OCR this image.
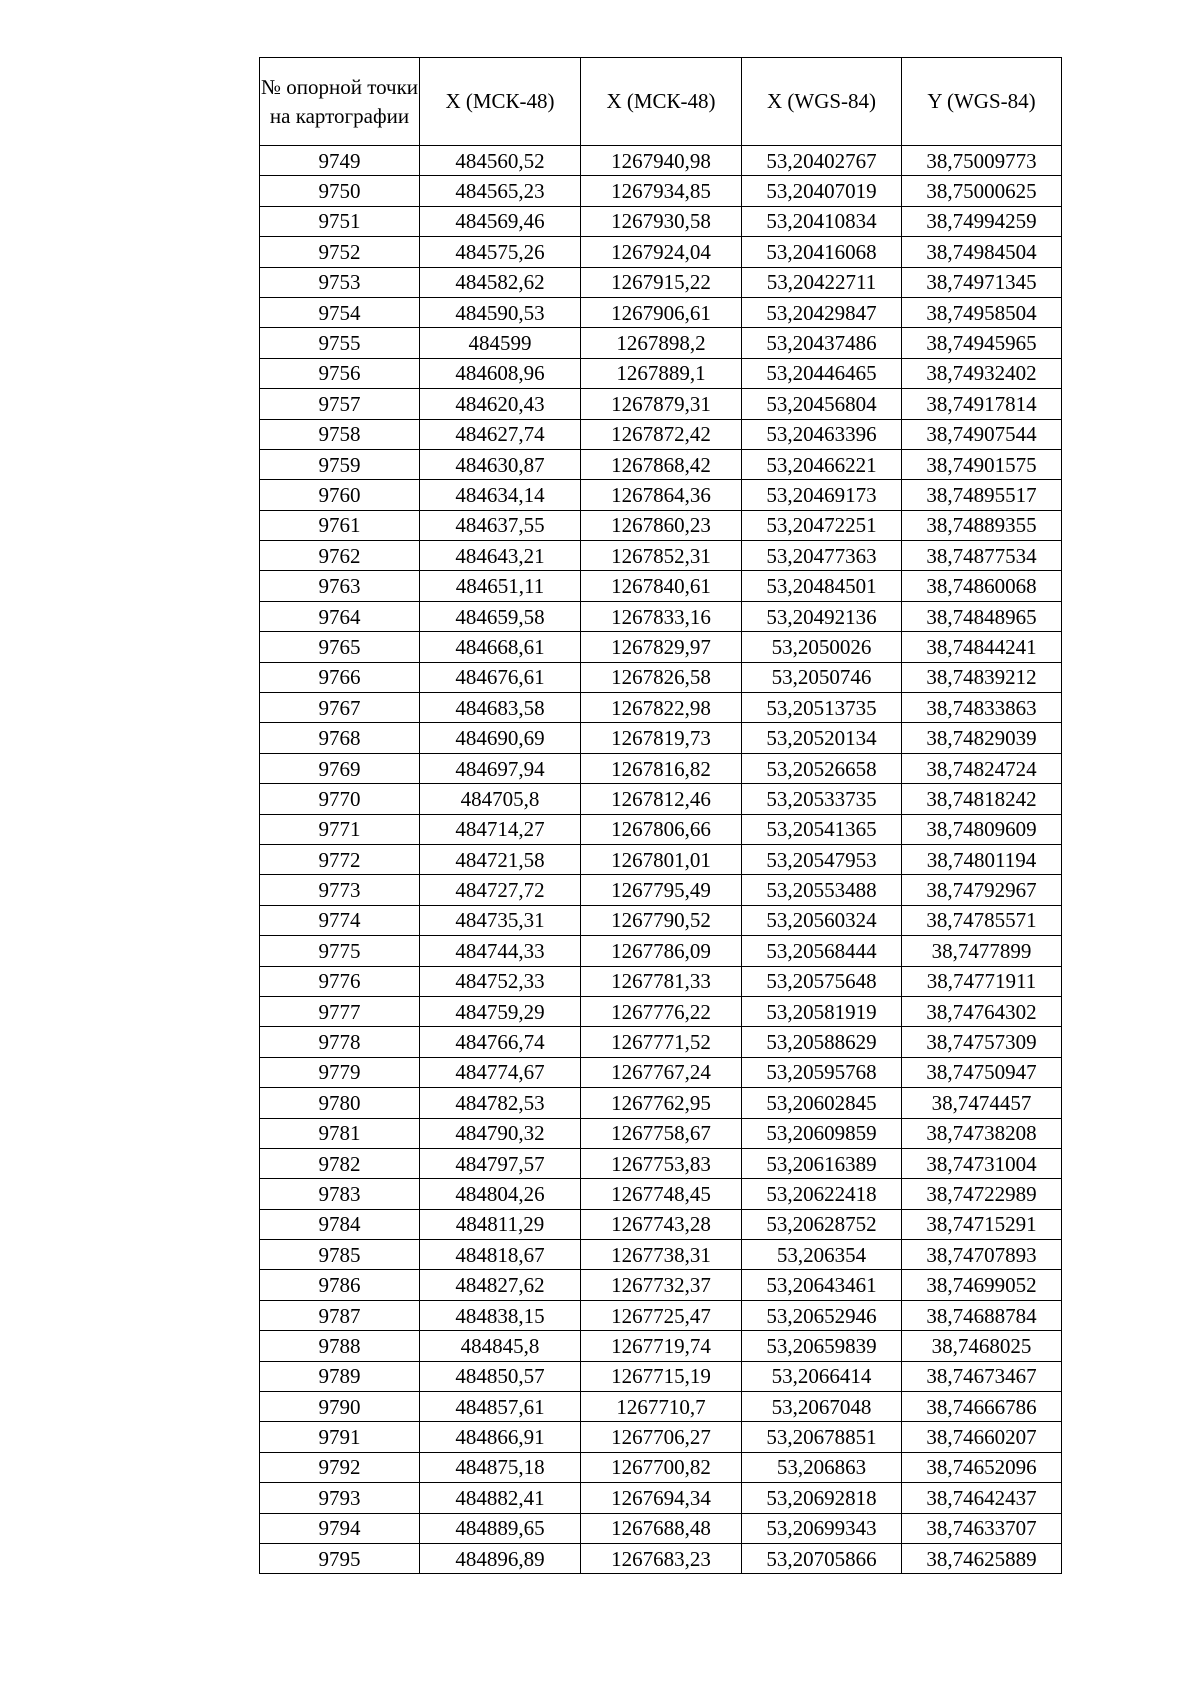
№ опорной точки на картографии	X (МСК-48)	X (МСК-48)	X (WGS-84)	Y (WGS-84)
9749	484560,52	1267940,98	53,20402767	38,75009773
9750	484565,23	1267934,85	53,20407019	38,75000625
9751	484569,46	1267930,58	53,20410834	38,74994259
9752	484575,26	1267924,04	53,20416068	38,74984504
9753	484582,62	1267915,22	53,20422711	38,74971345
9754	484590,53	1267906,61	53,20429847	38,74958504
9755	484599	1267898,2	53,20437486	38,74945965
9756	484608,96	1267889,1	53,20446465	38,74932402
9757	484620,43	1267879,31	53,20456804	38,74917814
9758	484627,74	1267872,42	53,20463396	38,74907544
9759	484630,87	1267868,42	53,20466221	38,74901575
9760	484634,14	1267864,36	53,20469173	38,74895517
9761	484637,55	1267860,23	53,20472251	38,74889355
9762	484643,21	1267852,31	53,20477363	38,74877534
9763	484651,11	1267840,61	53,20484501	38,74860068
9764	484659,58	1267833,16	53,20492136	38,74848965
9765	484668,61	1267829,97	53,2050026	38,74844241
9766	484676,61	1267826,58	53,2050746	38,74839212
9767	484683,58	1267822,98	53,20513735	38,74833863
9768	484690,69	1267819,73	53,20520134	38,74829039
9769	484697,94	1267816,82	53,20526658	38,74824724
9770	484705,8	1267812,46	53,20533735	38,74818242
9771	484714,27	1267806,66	53,20541365	38,74809609
9772	484721,58	1267801,01	53,20547953	38,74801194
9773	484727,72	1267795,49	53,20553488	38,74792967
9774	484735,31	1267790,52	53,20560324	38,74785571
9775	484744,33	1267786,09	53,20568444	38,7477899
9776	484752,33	1267781,33	53,20575648	38,74771911
9777	484759,29	1267776,22	53,20581919	38,74764302
9778	484766,74	1267771,52	53,20588629	38,74757309
9779	484774,67	1267767,24	53,20595768	38,74750947
9780	484782,53	1267762,95	53,20602845	38,7474457
9781	484790,32	1267758,67	53,20609859	38,74738208
9782	484797,57	1267753,83	53,20616389	38,74731004
9783	484804,26	1267748,45	53,20622418	38,74722989
9784	484811,29	1267743,28	53,20628752	38,74715291
9785	484818,67	1267738,31	53,206354	38,74707893
9786	484827,62	1267732,37	53,20643461	38,74699052
9787	484838,15	1267725,47	53,20652946	38,74688784
9788	484845,8	1267719,74	53,20659839	38,7468025
9789	484850,57	1267715,19	53,2066414	38,74673467
9790	484857,61	1267710,7	53,2067048	38,74666786
9791	484866,91	1267706,27	53,20678851	38,74660207
9792	484875,18	1267700,82	53,206863	38,74652096
9793	484882,41	1267694,34	53,20692818	38,74642437
9794	484889,65	1267688,48	53,20699343	38,74633707
9795	484896,89	1267683,23	53,20705866	38,74625889
